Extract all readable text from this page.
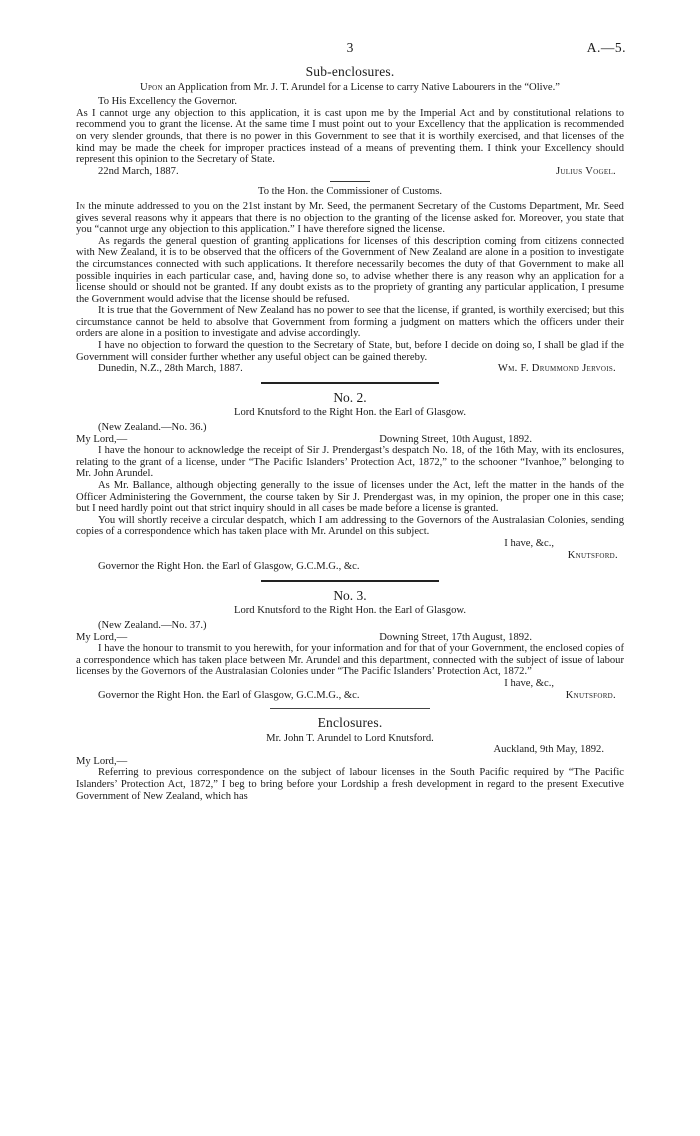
3	A.—5.
Sub-enclosures.

Upon an Application from Mr. J. T. Arundel for a License to carry Native Labourers in the “Olive.”

To His Excellency the Governor.

As I cannot urge any objection to this application, it is cast upon me by the Imperial Act and by constitutional relations to recommend you to grant the license. At the same time I must point out to your Excellency that the application is recommended on very slender grounds, that there is no power in this Government to see that it is worthily exercised, and that licenses of the kind may be made the cheek for improper practices instead of a means of preventing them. I think your Excellency should represent this opinion to the Secretary of State.

22nd March, 1887.	Julius Vogel.

To the Hon. the Commissioner of Customs.

In the minute addressed to you on the 21st instant by Mr. Seed, the permanent Secretary of the Customs Department, Mr. Seed gives several reasons why it appears that there is no objection to the granting of the license asked for. Moreover, you state that you “cannot urge any objection to this application.” I have therefore signed the license.

As regards the general question of granting applications for licenses of this description coming from citizens connected with New Zealand, it is to be observed that the officers of the Government of New Zealand are alone in a position to investigate the circumstances connected with such applications. It therefore necessarily becomes the duty of that Government to make all possible inquiries in each particular case, and, having done so, to advise whether there is any reason why an application for a license should or should not be granted. If any doubt exists as to the propriety of granting any particular application, I presume the Government would advise that the license should be refused.

It is true that the Government of New Zealand has no power to see that the license, if granted, is worthily exercised; but this circumstance cannot be held to absolve that Government from forming a judgment on matters which the officers under their orders are alone in a position to investigate and advise accordingly.

I have no objection to forward the question to the Secretary of State, but, before I decide on doing so, I shall be glad if the Government will consider further whether any useful object can be gained thereby.

Dunedin, N.Z., 28th March, 1887.	Wm. F. Drummond Jervois.
No. 2.

Lord Knutsford to the Right Hon. the Earl of Glasgow.

(New Zealand.—No. 36.)

My Lord,—	Downing Street, 10th August, 1892.

I have the honour to acknowledge the receipt of Sir J. Prendergast’s despatch No. 18, of the 16th May, with its enclosures, relating to the grant of a license, under “The Pacific Islanders’ Protection Act, 1872,” to the schooner “Ivanhoe,” belonging to Mr. John Arundel.

As Mr. Ballance, although objecting generally to the issue of licenses under the Act, left the matter in the hands of the Officer Administering the Government, the course taken by Sir J. Prendergast was, in my opinion, the proper one in this case; but I need hardly point out that strict inquiry should in all cases be made before a license is granted.

You will shortly receive a circular despatch, which I am addressing to the Governors of the Australasian Colonies, sending copies of a correspondence which has taken place with Mr. Arundel on this subject.

I have, &c.,

Knutsford.

Governor the Right Hon. the Earl of Glasgow, G.C.M.G., &c.

No. 3.

Lord Knutsford to the Right Hon. the Earl of Glasgow.

(New Zealand.—No. 37.)

My Lord,—	Downing Street, 17th August, 1892.

I have the honour to transmit to you herewith, for your information and for that of your Government, the enclosed copies of a correspondence which has taken place between Mr. Arundel and this department, connected with the subject of issue of labour licenses by the Governors of the Australasian Colonies under “The Pacific Islanders’ Protection Act, 1872.”

I have, &c.,

Governor the Right Hon. the Earl of Glasgow, G.C.M.G., &c.	Knutsford.
Enclosures.

Mr. John T. Arundel to Lord Knutsford.

Auckland, 9th May, 1892.

My Lord,—

Referring to previous correspondence on the subject of labour licenses in the South Pacific required by “The Pacific Islanders’ Protection Act, 1872,” I beg to bring before your Lordship a fresh development in regard to the present Executive Government of New Zealand, which has
